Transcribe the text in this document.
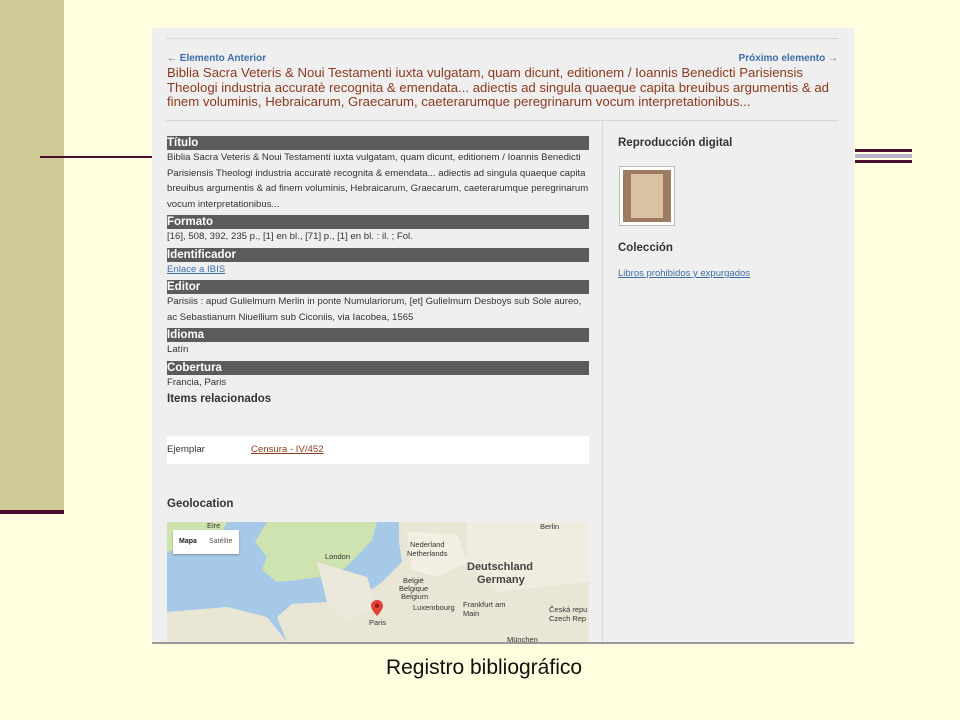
← Elemento Anterior	Próximo elemento →
Biblia Sacra Veteris & Noui Testamenti iuxta vulgatam, quam dicunt, editionem / Ioannis Benedicti Parisiensis Theologi industria accuratè recognita & emendata... adiectis ad singula quaeque capita breuibus argumentis & ad finem voluminis, Hebraicarum, Graecarum, caeterarumque peregrinarum vocum interpretationibus...
Título
Biblia Sacra Veteris & Noui Testamenti iuxta vulgatam, quam dicunt, editionem / Ioannis Benedicti Parisiensis Theologi industria accuratè recognita & emendata... adiectis ad singula quaeque capita breuibus argumentis & ad finem voluminis, Hebraicarum, Graecarum, caeterarumque peregrinarum vocum interpretationibus...
Formato
[16], 508, 392, 235 p., [1] en bl., [71] p., [1] en bl. : il. ; Fol.
Identificador
Enlace a IBIS
Editor
Parisiis : apud Gulielmum Merlin in ponte Numulariorum, [et] Gulielmum Desboys sub Sole aureo, ac Sebastianum Niuellium sub Ciconiis, via Iacobea, 1565
Idioma
Latín
Cobertura
Francia, Paris
Items relacionados
Ejemplar	Censura - IV/452
Geolocation
Mapa Satélite
Eire
London
Nederland
Netherlands
België
Belgique
Belgium
Luxembourg Frankfurt am Main
Deutschland
Germany
Česká repu
Czech Rep
Paris
München
Berlin
Reproducción digital
Colección
Libros prohibidos y expurgados
Registro bibliográfico
